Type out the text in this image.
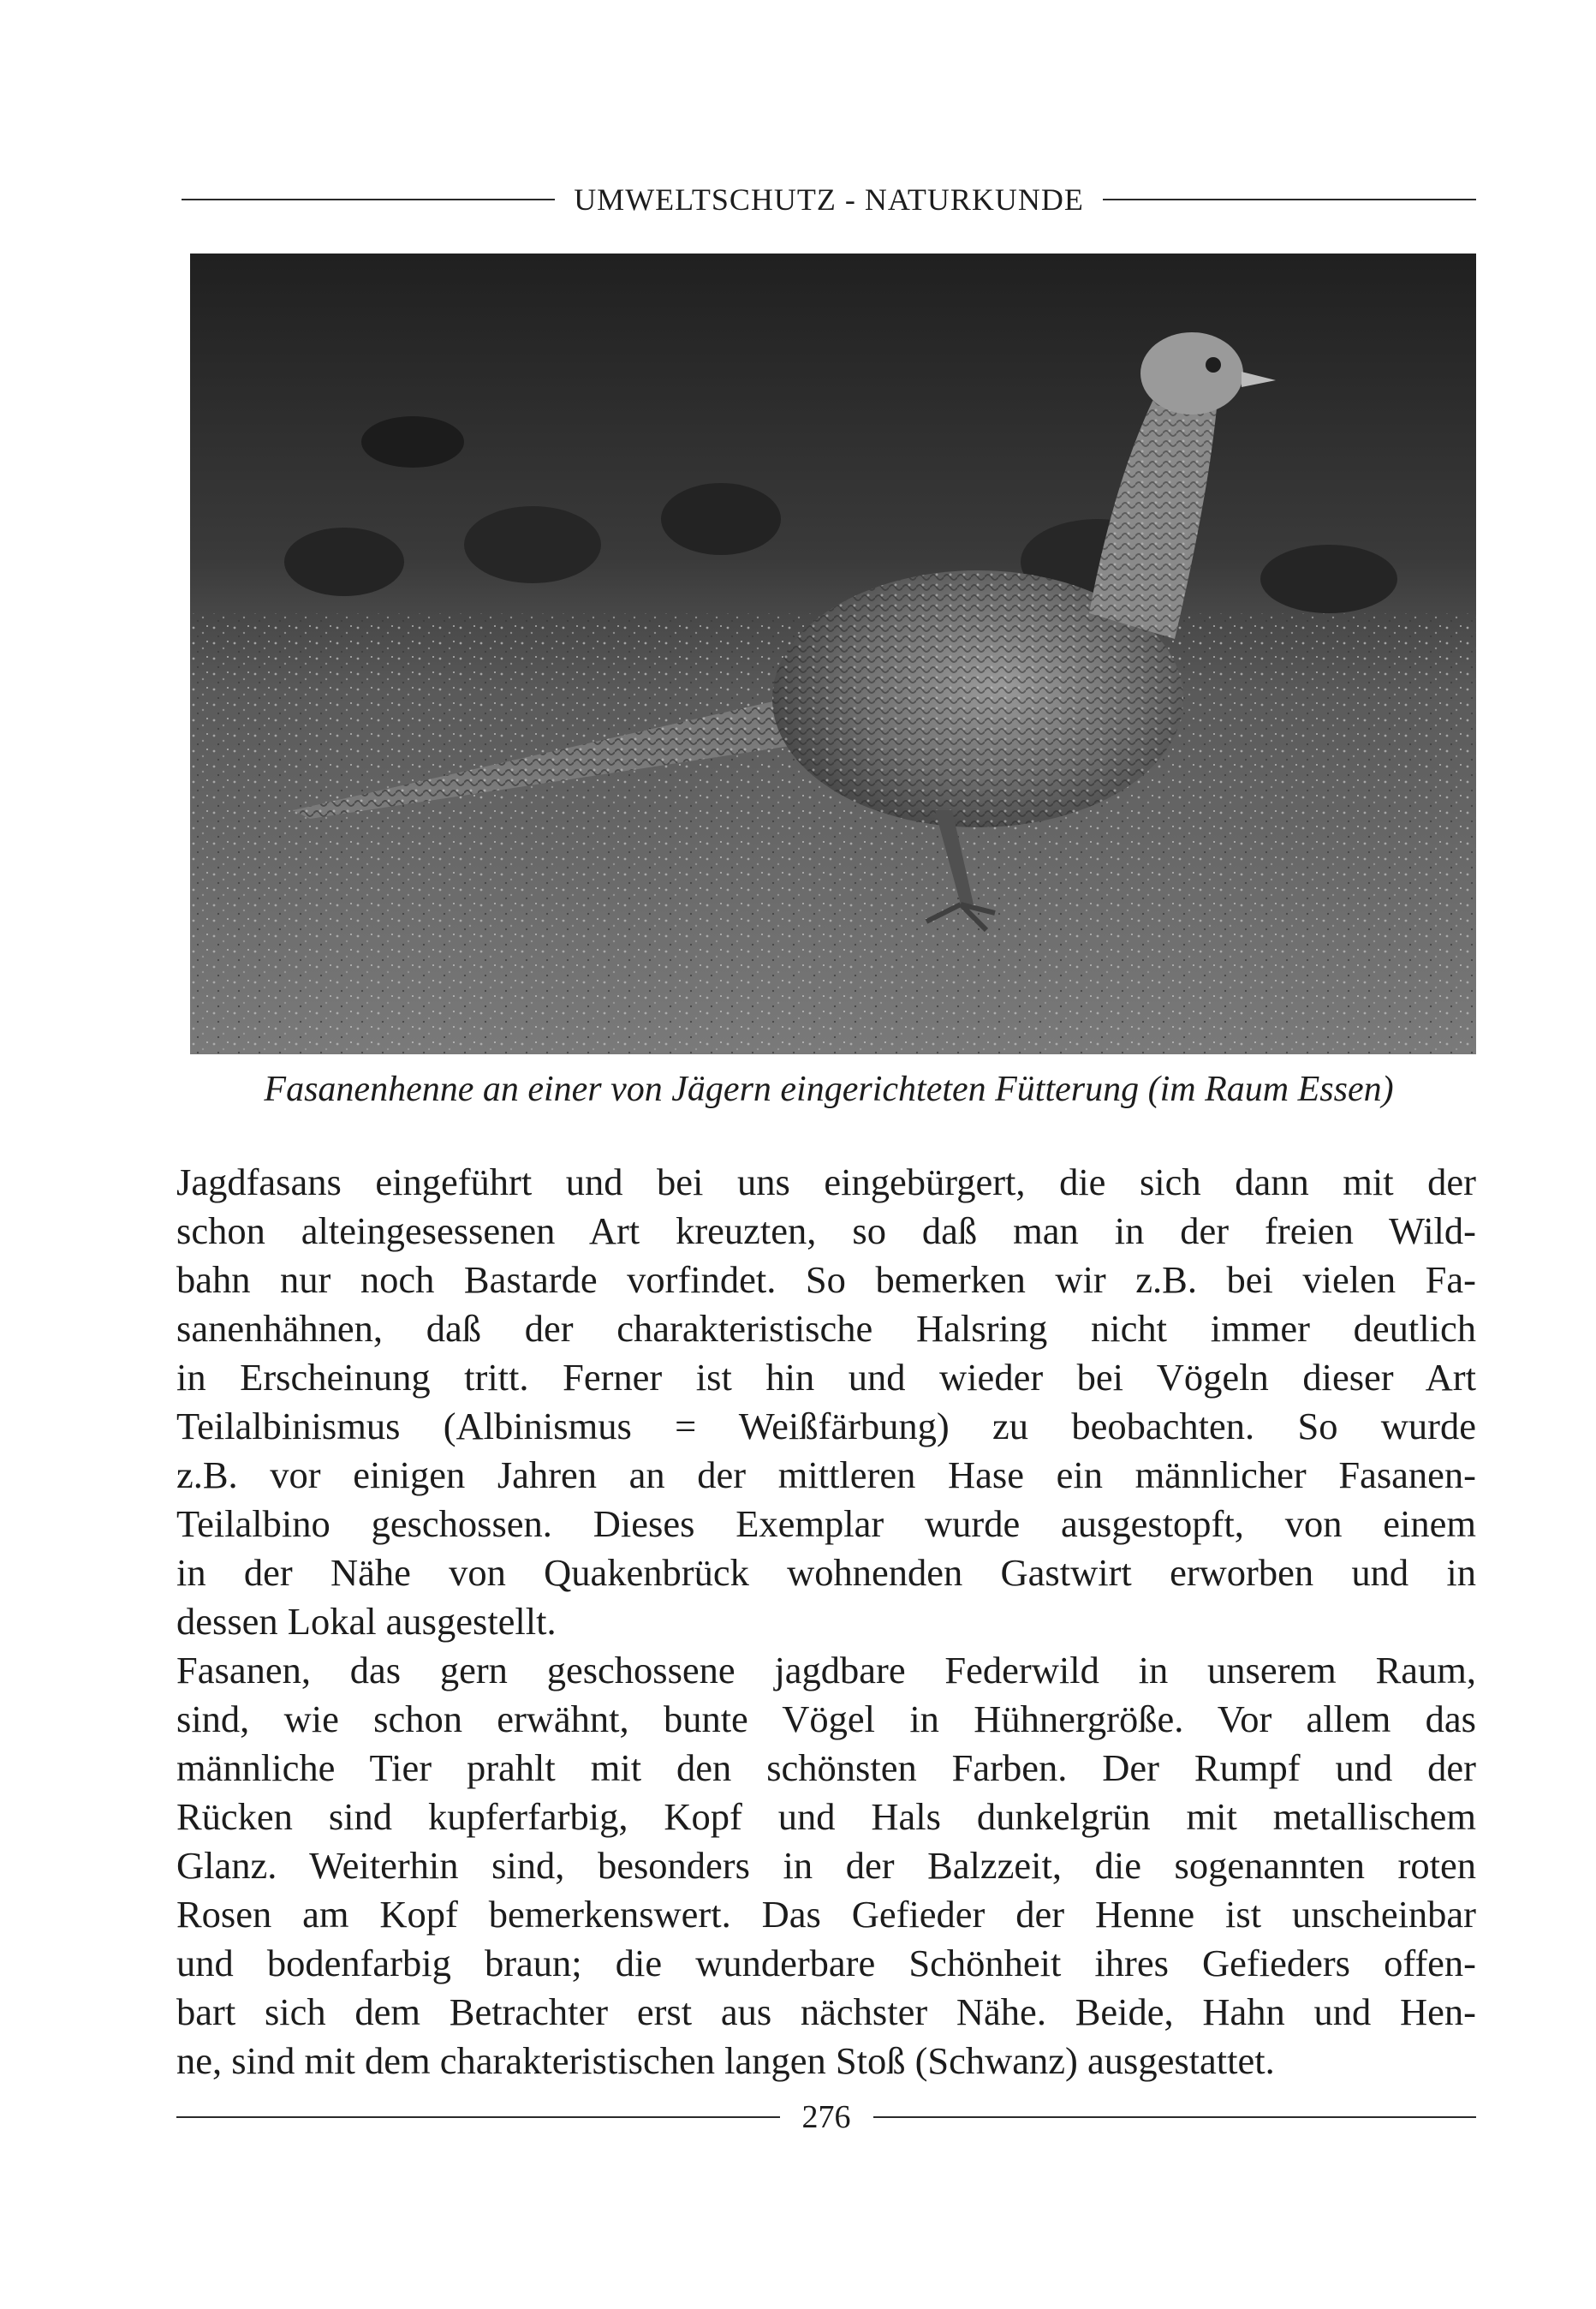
UMWELTSCHUTZ - NATURKUNDE
Fasanenhenne an einer von Jägern eingerichteten Fütterung (im Raum Essen)
Jagdfasans eingeführt und bei uns eingebürgert, die sich dann mit der
schon alteingesessenen Art kreuzten, so daß man in der freien Wild-
bahn nur noch Bastarde vorfindet. So bemerken wir z.B. bei vielen Fa-
sanenhähnen, daß der charakteristische Halsring nicht immer deutlich
in Erscheinung tritt. Ferner ist hin und wieder bei Vögeln dieser Art
Teilalbinismus (Albinismus = Weißfärbung) zu beobachten. So wurde
z.B. vor einigen Jahren an der mittleren Hase ein männlicher Fasanen-
Teilalbino geschossen. Dieses Exemplar wurde ausgestopft, von einem
in der Nähe von Quakenbrück wohnenden Gastwirt erworben und in
dessen Lokal ausgestellt.
Fasanen, das gern geschossene jagdbare Federwild in unserem Raum,
sind, wie schon erwähnt, bunte Vögel in Hühnergröße. Vor allem das
männliche Tier prahlt mit den schönsten Farben. Der Rumpf und der
Rücken sind kupferfarbig, Kopf und Hals dunkelgrün mit metallischem
Glanz. Weiterhin sind, besonders in der Balzzeit, die sogenannten roten
Rosen am Kopf bemerkenswert. Das Gefieder der Henne ist unscheinbar
und bodenfarbig braun; die wunderbare Schönheit ihres Gefieders offen-
bart sich dem Betrachter erst aus nächster Nähe. Beide, Hahn und Hen-
ne, sind mit dem charakteristischen langen Stoß (Schwanz) ausgestattet.
276
